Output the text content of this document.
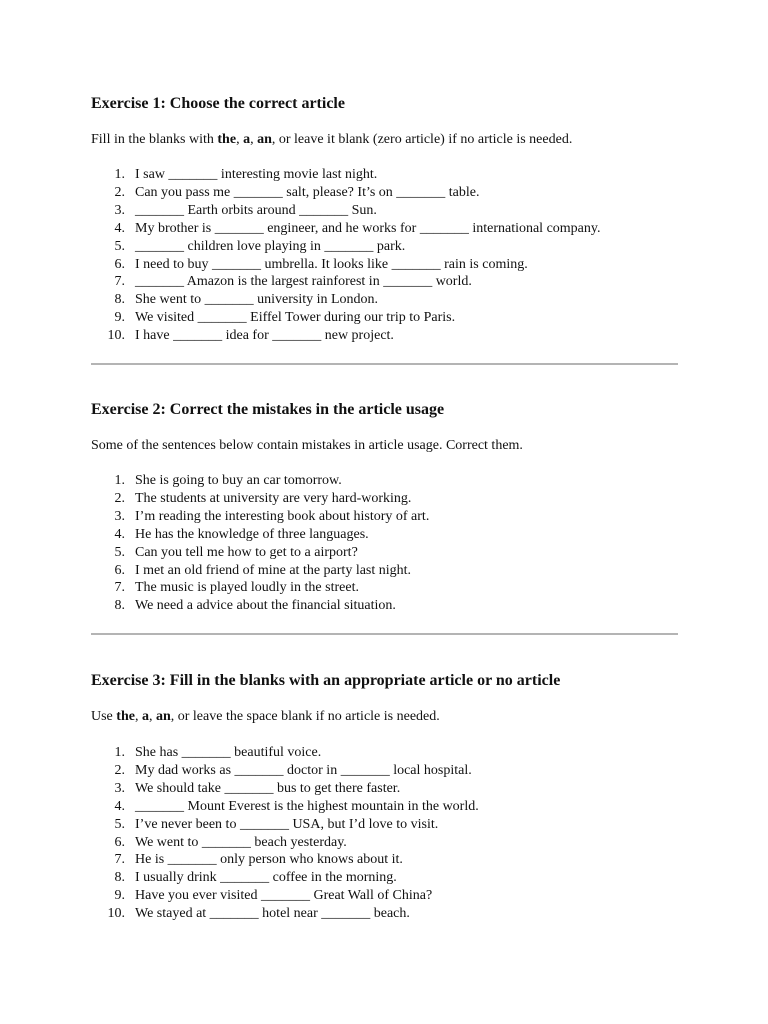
Exercise 1: Choose the correct article

Fill in the blanks with the, a, an, or leave it blank (zero article) if no article is needed.

1. I saw _______ interesting movie last night.
2. Can you pass me _______ salt, please? It’s on _______ table.
3. _______ Earth orbits around _______ Sun.
4. My brother is _______ engineer, and he works for _______ international company.
5. _______ children love playing in _______ park.
6. I need to buy _______ umbrella. It looks like _______ rain is coming.
7. _______ Amazon is the largest rainforest in _______ world.
8. She went to _______ university in London.
9. We visited _______ Eiffel Tower during our trip to Paris.
10. I have _______ idea for _______ new project.
Exercise 2: Correct the mistakes in the article usage

Some of the sentences below contain mistakes in article usage. Correct them.

1. She is going to buy an car tomorrow.
2. The students at university are very hard-working.
3. I’m reading the interesting book about history of art.
4. He has the knowledge of three languages.
5. Can you tell me how to get to a airport?
6. I met an old friend of mine at the party last night.
7. The music is played loudly in the street.
8. We need a advice about the financial situation.
Exercise 3: Fill in the blanks with an appropriate article or no article

Use the, a, an, or leave the space blank if no article is needed.

1. She has _______ beautiful voice.
2. My dad works as _______ doctor in _______ local hospital.
3. We should take _______ bus to get there faster.
4. _______ Mount Everest is the highest mountain in the world.
5. I’ve never been to _______ USA, but I’d love to visit.
6. We went to _______ beach yesterday.
7. He is _______ only person who knows about it.
8. I usually drink _______ coffee in the morning.
9. Have you ever visited _______ Great Wall of China?
10. We stayed at _______ hotel near _______ beach.
